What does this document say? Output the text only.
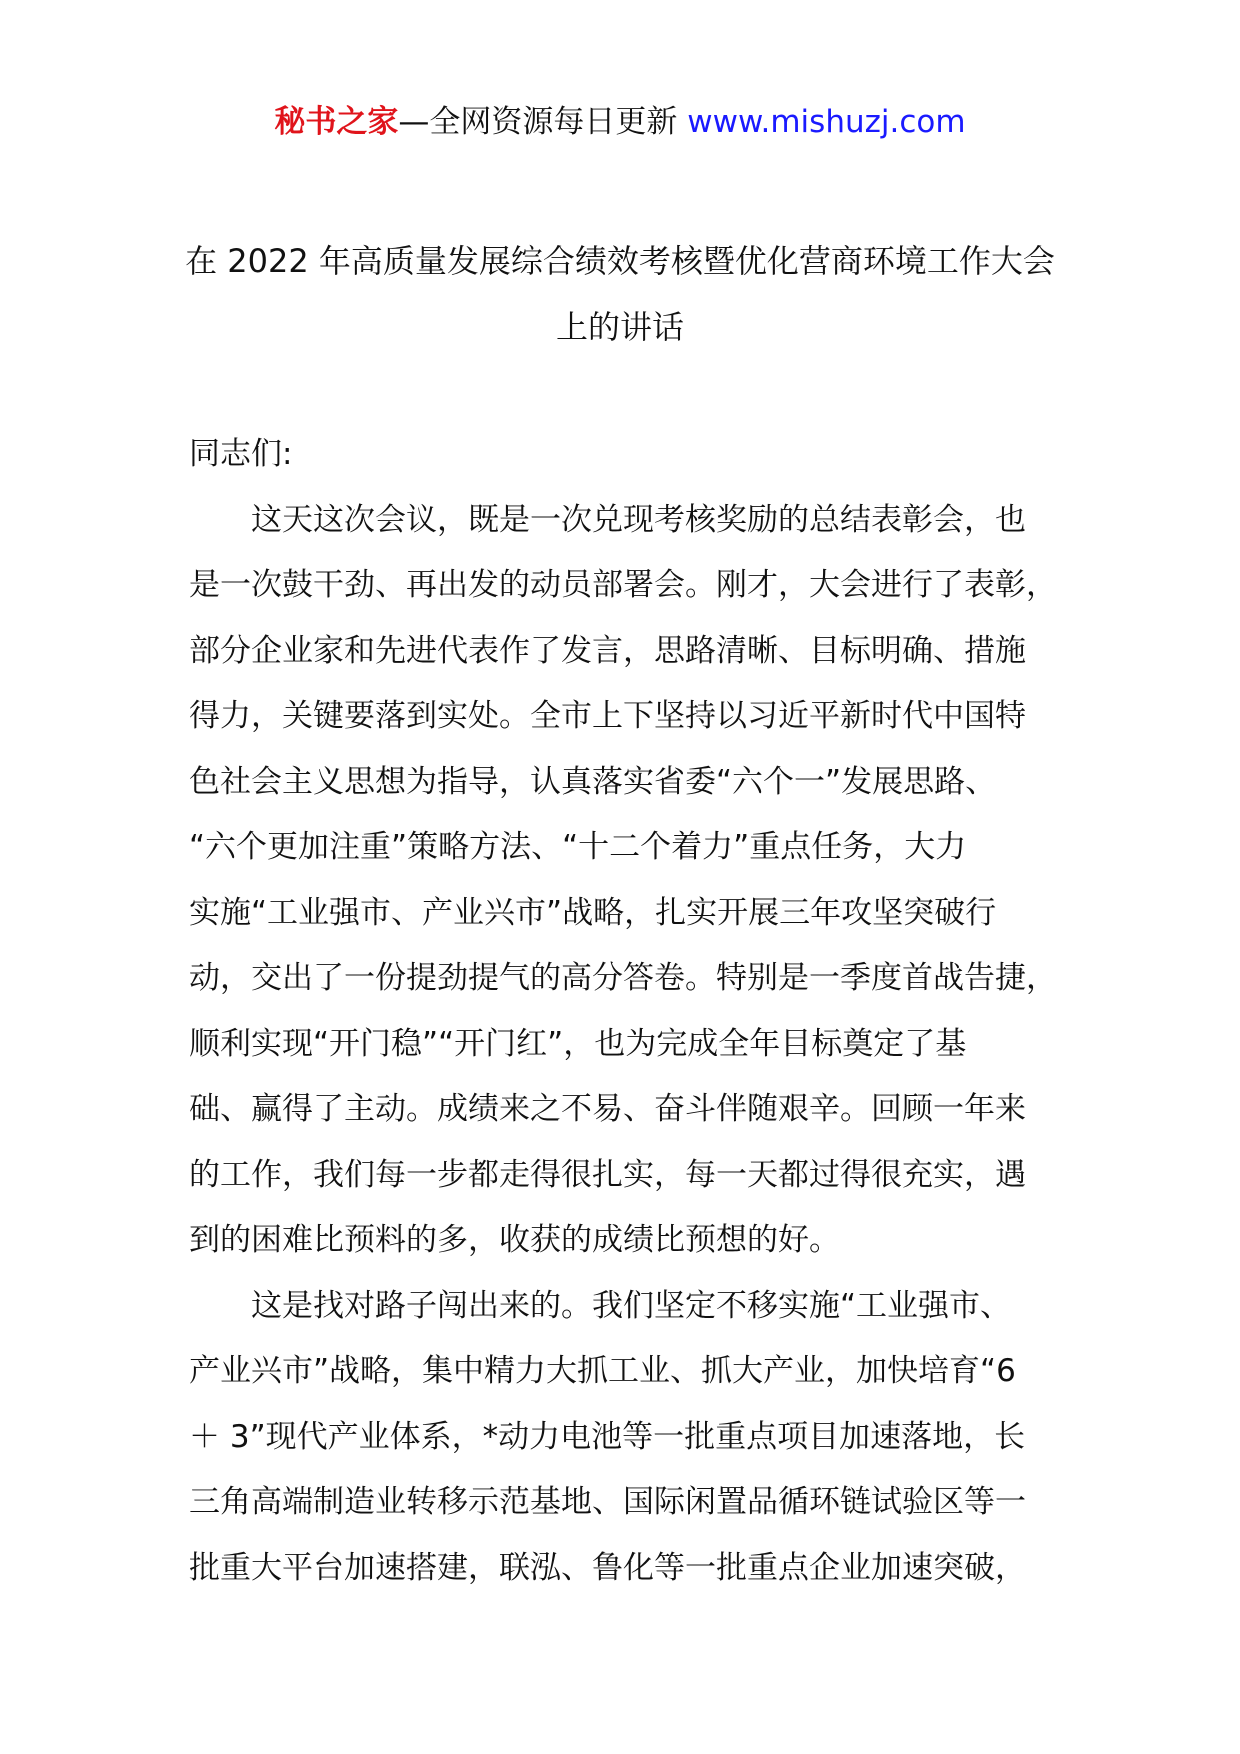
秘书之家—全网资源每日更新 www.mishuzj.com
在 2022 年高质量发展综合绩效考核暨优化营商环境工作大会
上的讲话

同志们:

这天这次会议，既是一次兑现考核奖励的总结表彰会，也
是一次鼓干劲、再出发的动员部署会。刚才，大会进行了表彰，
部分企业家和先进代表作了发言，思路清晰、目标明确、措施
得力，关键要落到实处。全市上下坚持以习近平新时代中国特
色社会主义思想为指导，认真落实省委“六个一”发展思路、
“六个更加注重”策略方法、“十二个着力”重点任务，大力
实施“工业强市、产业兴市”战略，扎实开展三年攻坚突破行
动，交出了一份提劲提气的高分答卷。特别是一季度首战告捷，
顺利实现“开门稳”“开门红”，也为完成全年目标奠定了基
础、赢得了主动。成绩来之不易、奋斗伴随艰辛。回顾一年来
的工作，我们每一步都走得很扎实，每一天都过得很充实，遇
到的困难比预料的多，收获的成绩比预想的好。
这是找对路子闯出来的。我们坚定不移实施“工业强市、
产业兴市”战略，集中精力大抓工业、抓大产业，加快培育“6
＋ 3”现代产业体系，*动力电池等一批重点项目加速落地，长
三角高端制造业转移示范基地、国际闲置品循环链试验区等一
批重大平台加速搭建，联泓、鲁化等一批重点企业加速突破，
